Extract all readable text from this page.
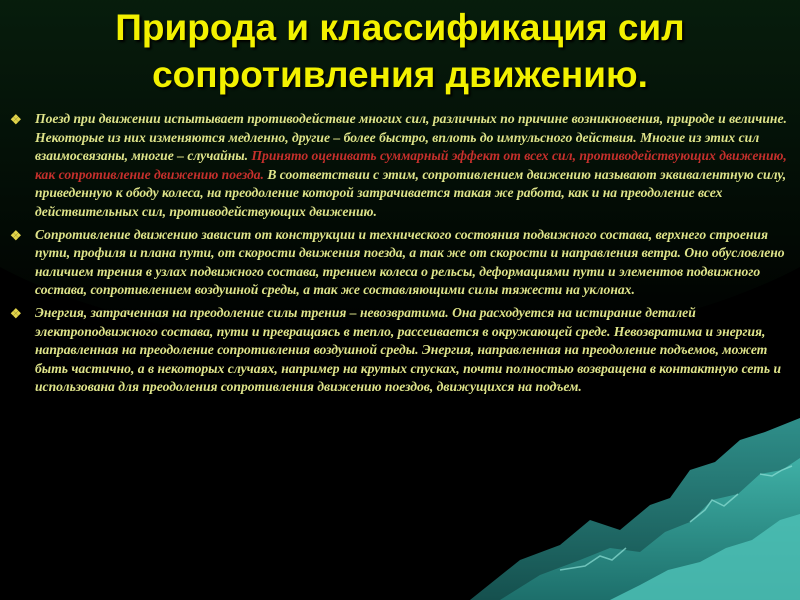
Природа и классификация сил сопротивления движению.

❖ Поезд при движении испытывает противодействие многих сил, различных по причине возникновения, природе и величине. Некоторые из них изменяются медленно, другие – более быстро, вплоть до импульсного действия. Многие из этих сил взаимосвязаны, многие – случайны. Принято оценивать суммарный эффект от всех сил, противодействующих движению, как сопротивление движению поезда. В соответствии с этим, сопротивлением движению называют эквивалентную силу, приведенную к ободу колеса, на преодоление которой затрачивается такая же работа, как и на преодоление всех действительных сил, противодействующих движению.

❖ Сопротивление движению зависит от конструкции и технического состояния подвижного состава, верхнего строения пути, профиля и плана пути, от скорости движения поезда, а так же от скорости и направления ветра. Оно обусловлено наличием трения в узлах подвижного состава, трением колеса о рельсы, деформациями пути и элементов подвижного состава, сопротивлением воздушной среды, а так же составляющими силы тяжести на уклонах.

❖ Энергия, затраченная на преодоление силы трения – невозвратима. Она расходуется на истирание деталей электроподвижного состава, пути и превращаясь в тепло, рассеивается в окружающей среде. Невозвратима и энергия, направленная на преодоление сопротивления воздушной среды. Энергия, направленная на преодоление подъемов, может быть частично, а в некоторых случаях, например на крутых спусках, почти полностью возвращена в контактную сеть и использована для преодоления сопротивления движению поездов, движущихся на подъем.
